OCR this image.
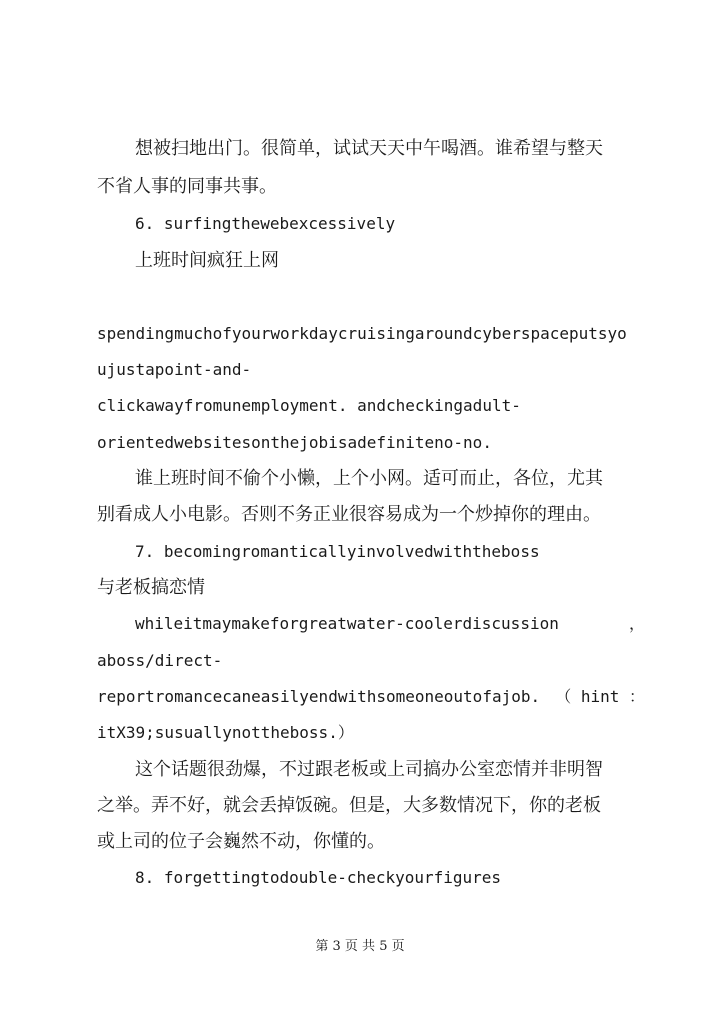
想被扫地出门。很简单，试试天天中午喝酒。谁希望与整天
不省人事的同事共事。
6. surfingthewebexcessively
上班时间疯狂上网
spendingmuchofyourworkdaycruisingaroundcyberspaceputsyo
ujustapoint-and-
clickawayfromunemployment. andcheckingadult-
orientedwebsitesonthejobisadefiniteno-no.
谁上班时间不偷个小懒，上个小网。适可而止，各位，尤其
别看成人小电影。否则不务正业很容易成为一个炒掉你的理由。
7. becomingromanticallyinvolvedwiththeboss
与老板搞恋情
whileitmaymakeforgreatwater-coolerdiscussion	，
aboss/direct-
reportromancecaneasilyendwithsomeoneoutofajob. （ hint ：
itX39;susuallynottheboss.）
这个话题很劲爆，不过跟老板或上司搞办公室恋情并非明智
之举。弄不好，就会丢掉饭碗。但是，大多数情况下，你的老板
或上司的位子会巍然不动，你懂的。
8. forgettingtodouble-checkyourfigures
第 3 页 共 5 页
